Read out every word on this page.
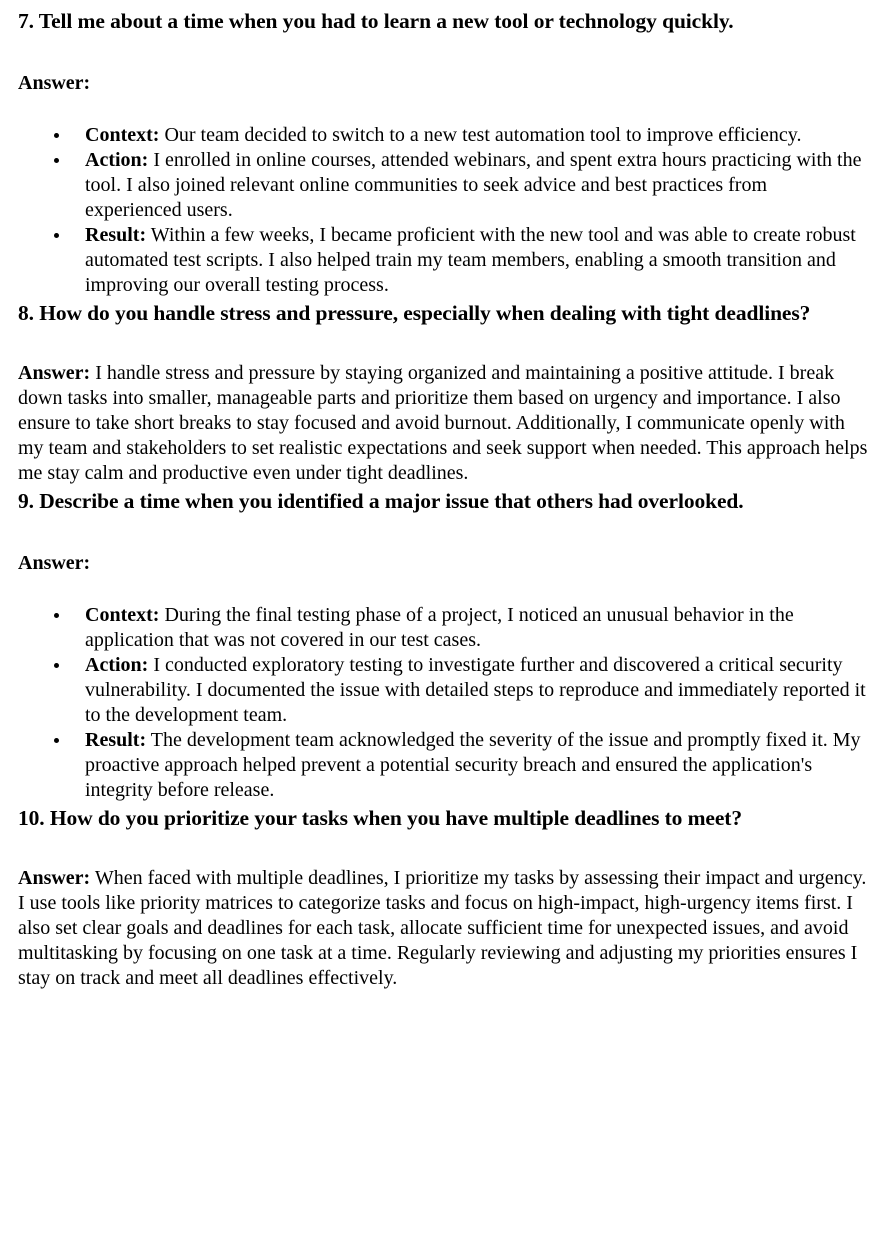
7. Tell me about a time when you had to learn a new tool or technology quickly.

Answer:

Context: Our team decided to switch to a new test automation tool to improve efficiency.
Action: I enrolled in online courses, attended webinars, and spent extra hours practicing with the tool. I also joined relevant online communities to seek advice and best practices from experienced users.
Result: Within a few weeks, I became proficient with the new tool and was able to create robust automated test scripts. I also helped train my team members, enabling a smooth transition and improving our overall testing process.
8. How do you handle stress and pressure, especially when dealing with tight deadlines?

Answer: I handle stress and pressure by staying organized and maintaining a positive attitude. I break down tasks into smaller, manageable parts and prioritize them based on urgency and importance. I also ensure to take short breaks to stay focused and avoid burnout. Additionally, I communicate openly with my team and stakeholders to set realistic expectations and seek support when needed. This approach helps me stay calm and productive even under tight deadlines.

9. Describe a time when you identified a major issue that others had overlooked.

Answer:

Context: During the final testing phase of a project, I noticed an unusual behavior in the application that was not covered in our test cases.
Action: I conducted exploratory testing to investigate further and discovered a critical security vulnerability. I documented the issue with detailed steps to reproduce and immediately reported it to the development team.
Result: The development team acknowledged the severity of the issue and promptly fixed it. My proactive approach helped prevent a potential security breach and ensured the application's integrity before release.
10. How do you prioritize your tasks when you have multiple deadlines to meet?

Answer: When faced with multiple deadlines, I prioritize my tasks by assessing their impact and urgency. I use tools like priority matrices to categorize tasks and focus on high-impact, high-urgency items first. I also set clear goals and deadlines for each task, allocate sufficient time for unexpected issues, and avoid multitasking by focusing on one task at a time. Regularly reviewing and adjusting my priorities ensures I stay on track and meet all deadlines effectively.
